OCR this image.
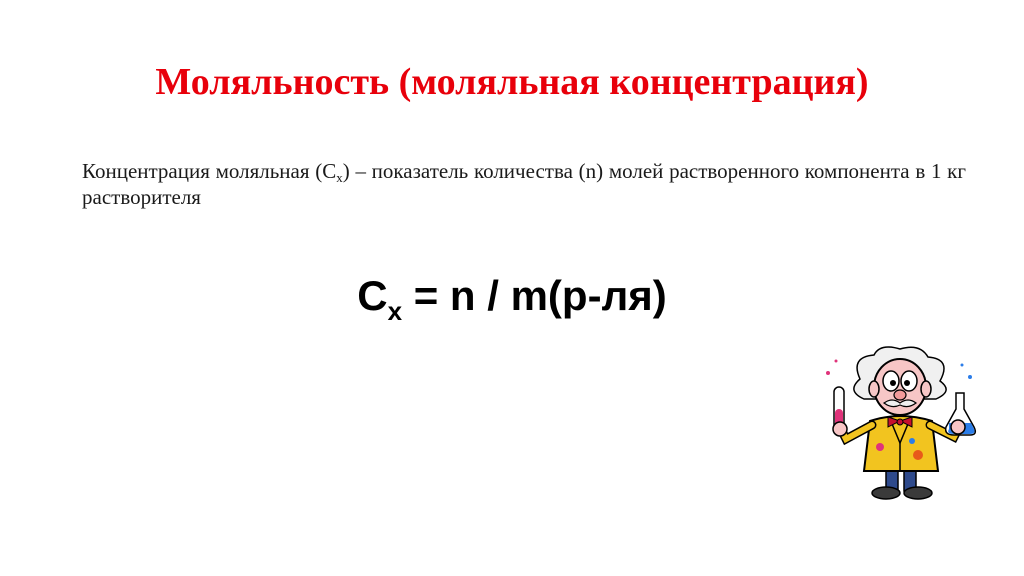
Моляльность (моляльная концентрация)
Концентрация моляльная $(С_х)$ – показатель количества (n) молей растворенного компонента в 1 кг растворителя
$С_х = n / m(р-ля)$
